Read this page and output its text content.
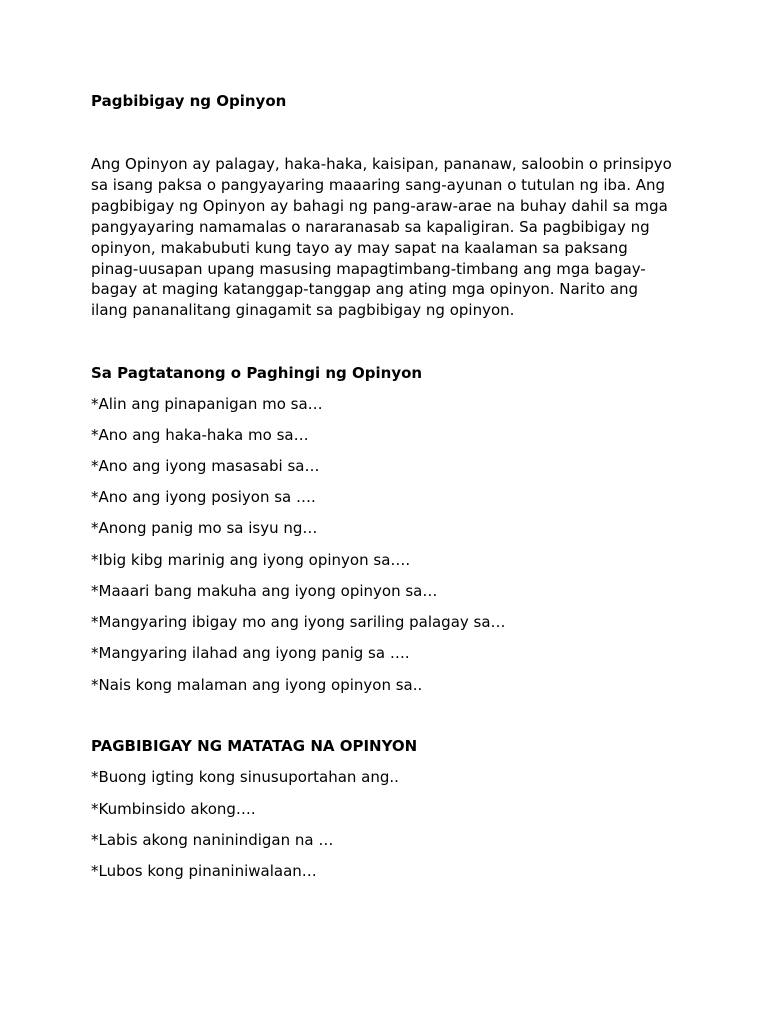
Pagbibigay ng Opinyon
Ang Opinyon ay palagay, haka-haka, kaisipan, pananaw, saloobin o prinsipyo
sa isang paksa o pangyayaring maaaring sang-ayunan o tutulan ng iba. Ang
pagbibigay ng Opinyon ay bahagi ng pang-araw-arae na buhay dahil sa mga
pangyayaring namamalas o nararanasab sa kapaligiran. Sa pagbibigay ng
opinyon, makabubuti kung tayo ay may sapat na kaalaman sa paksang
pinag-uusapan upang masusing mapagtimbang-timbang ang mga bagay-
bagay at maging katanggap-tanggap ang ating mga opinyon. Narito ang
ilang pananalitang ginagamit sa pagbibigay ng opinyon.
Sa Pagtatanong o Paghingi ng Opinyon
*Alin ang pinapanigan mo sa…
*Ano ang haka-haka mo sa…
*Ano ang iyong masasabi sa…
*Ano ang iyong posiyon sa ….
*Anong panig mo sa isyu ng…
*Ibig kibg marinig ang iyong opinyon sa….
*Maaari bang makuha ang iyong opinyon sa…
*Mangyaring ibigay mo ang iyong sariling palagay sa…
*Mangyaring ilahad ang iyong panig sa ….
*Nais kong malaman ang iyong opinyon sa..
PAGBIBIGAY NG MATATAG NA OPINYON
*Buong igting kong sinusuportahan ang..
*Kumbinsido akong….
*Labis akong naninindigan na …
*Lubos kong pinaniniwalaan…
